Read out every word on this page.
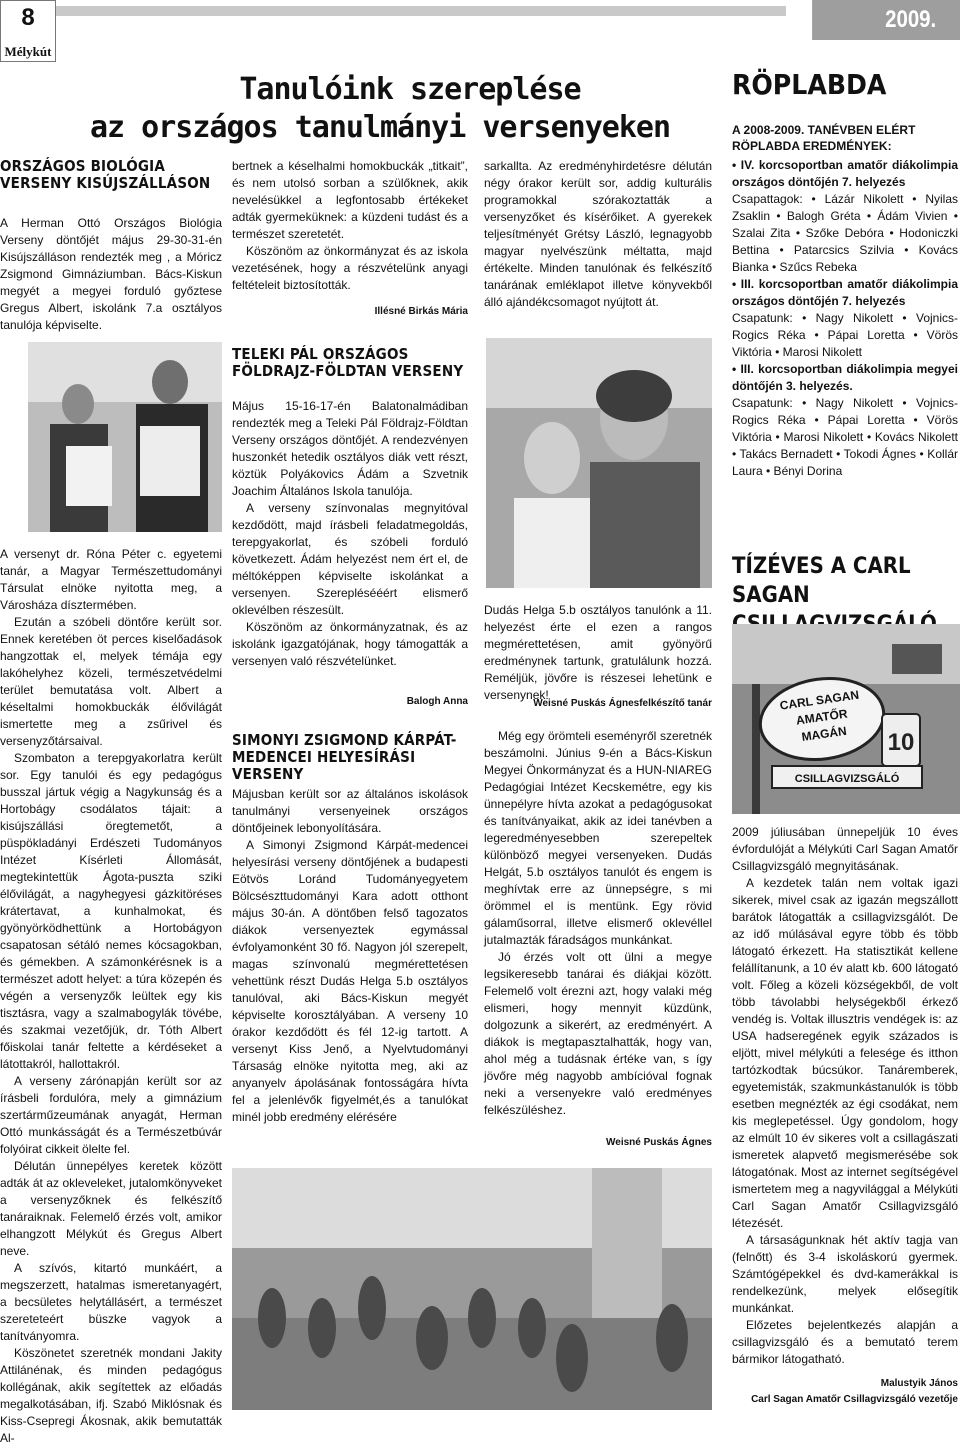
8
Mélykút
2009. augusztus
Tanulóink szereplése
az országos tanulmányi versenyeken
ORSZÁGOS BIOLÓGIA VERSENY KISÚJSZÁLLÁSON
A Herman Ottó Országos Biológia Verseny döntőjét május 29-30-31-én Kisújszálláson rendezték meg , a Móricz Zsigmond Gimnáziumban. Bács-Kiskun megyét a megyei forduló győztese Gregus Albert, iskolánk 7.a osztályos tanulója képviselte.

A versenyt dr. Róna Péter c. egyetemi tanár, a Magyar Természettudományi Társulat elnöke nyitotta meg, a Városháza dísztermében.

Ezután a szóbeli döntőre került sor. Ennek keretében öt perces kiselőadások hangzottak el, melyek témája egy lakóhelyhez közeli, természetvédelmi terület bemutatása volt. Albert a késeltalmi homokbuckák élővilágát ismertette meg a zsűrivel és versenyzőtársaival.

Szombaton a terepgyakorlatra került sor. Egy tanulói és egy pedagógus busszal jártuk végig a Nagykunság és a Hortobágy csodálatos tájait: a kisújszállási öregtemetőt, a püspökladányi Erdészeti Tudományos Intézet Kísérleti Állomását, megtekintettük Ágota-puszta sziki élővilágát, a nagyhegyesi gázkitöréses krátertavat, a kunhalmokat, és gyönyörködhettünk a Hortobágyon csapatosan sétáló nemes kócsagokban, és gémekben. A számonkérésnek is a természet adott helyet: a túra közepén és végén a versenyzők leültek egy kis tisztásra, vagy a szalmabogylák tövébe, és szakmai vezetőjük, dr. Tóth Albert főiskolai tanár feltette a kérdéseket a látottakról, hallottakról.

A verseny zárónapján került sor az írásbeli fordulóra, mely a gimnázium szertárműzeumának anyagát, Herman Ottó munkásságát és a Természetbúvár folyóirat cikkeit ölelte fel.

Délután ünnepélyes keretek között adták át az okleveleket, jutalomkönyveket a versenyzőknek és felkészítő tanáraiknak. Felemelő érzés volt, amikor elhangzott Mélykút és Gregus Albert neve.

A szívós, kitartó munkáért, a megszerzett, hatalmas ismeretanyagért, a becsületes helytállásért, a természet szereteteért büszke vagyok a tanítványomra.

Köszönetet szeretnék mondani Jakity Attilánénak, és minden pedagógus kollégának, akik segítettek az előadás megalkotásában, ifj. Szabó Miklósnak és Kiss-Csepregi Ákosnak, akik bemutatták Al-

bertnek a késelhalmi homokbuckák „titkait”, és nem utolsó sorban a szülőknek, akik nevelésükkel a legfontosabb értékeket adták gyermeküknek: a küzdeni tudást és a természet szeretetét.

Köszönöm az önkormányzat és az iskola vezetésének, hogy a részvételünk anyagi feltételeit biztosították.

Illésné Birkás Mária
TELEKI PÁL ORSZÁGOS FÖLDRAJZ-FÖLDTAN VERSENY

Május 15-16-17-én Balatonalmádiban rendezték meg a Teleki Pál Földrajz-Földtan Verseny országos döntőjét. A rendezvényen huszonkét hetedik osztályos diák vett részt, köztük Polyákovics Ádám a Szvetnik Joachim Általános Iskola tanulója.

A verseny színvonalas megnyitóval kezdődött, majd írásbeli feladatmegoldás, terepgyakorlat, és szóbeli forduló következett. Ádám helyezést nem ért el, de méltóképpen képviselte iskolánkat a versenyen. Szereplésééért elismerő oklevélben részesült.

Köszönöm az önkormányzatnak, és az iskolánk igazgatójának, hogy támogatták a versenyen való részvételünket.

Balogh Anna
SIMONYI ZSIGMOND KÁRPÁT-MEDENCEI HELYESÍRÁSI VERSENY

Májusban került sor az általános iskolások tanulmányi versenyeinek országos döntőjeinek lebonyolítására.

A Simonyi Zsigmond Kárpát-medencei helyesírási verseny döntőjének a budapesti Eötvös Loránd Tudományegyetem Bölcsészttudományi Kara adott otthont május 30-án. A döntőben felső tagozatos diákok versenyeztek egymással évfolyamonként 30 fő. Nagyon jól szerepelt, magas színvonalú megmérettetésen vehettünk részt Dudás Helga 5.b osztályos tanulóval, aki Bács-Kiskun megyét képviselte korosztályában. A verseny 10 órakor kezdődött és fél 12-ig tartott. A versenyt Kiss Jenő, a Nyelvtudományi Társaság elnöke nyitotta meg, aki az anyanyelv ápolásának fontosságára hívta fel a jelenlévők figyelmét,és a tanulókat minél jobb eredmény elérésére

sarkallta. Az eredményhirdetésre délután négy órakor került sor, addig kulturális programokkal szórakoztatták a versenyzőket és kísérőiket. A gyerekek teljesítményét Grétsy László, legnagyobb magyar nyelvészünk méltatta, majd értékelte. Minden tanulónak és felkészítő tanárának emléklapot illetve könyvekből álló ajándékcsomagot nyújtott át.

Dudás Helga 5.b osztályos tanulónk a 11. helyezést érte el ezen a rangos megmérettetésen, amit gyönyörű eredménynek tartunk, gratulálunk hozzá. Reméljük, jövőre is részesei lehetünk e versenynek!
Weisné Puskás Ágnesfelkészítő tanár

Még egy örömteli eseményről szeretnék beszámolni. Június 9-én a Bács-Kiskun Megyei Önkormányzat és a HUN-NIAREG Pedagógiai Intézet Kecskemétre, egy kis ünnepélyre hívta azokat a pedagógusokat és tanítványaikat, akik az idei tanévben a legeredményesebben szerepeltek különböző megyei versenyeken. Dudás Helgát, 5.b osztályos tanulót és engem is meghívtak erre az ünnepségre, s mi örömmel el is mentünk. Egy rövid gálaműsorral, illetve elismerő oklevéllel jutalmazták fáradságos munkánkat.

Jó érzés volt ott ülni a megye legsikeresebb tanárai és diákjai között. Felemelő volt érezni azt, hogy valaki még elismeri, hogy mennyit küzdünk, dolgozunk a sikerért, az eredményért. A diákok is megtapasztalhatták, hogy van, ahol még a tudásnak értéke van, s így jövőre még nagyobb ambícióval fognak neki a versenyekre való eredményes felkészüléshez.

Weisné Puskás Ágnes
RÖPLABDA
A 2008-2009. TANÉVBEN ELÉRT RÖPLABDA EREDMÉNYEK:
• IV. korcsoportban amatőr diákolimpia országos döntőjén 7. helyezés
Csapattagok: • Lázár Nikolett • Nyilas Zsaklin • Balogh Gréta • Ádám Vivien • Szalai Zita • Szőke Debóra • Hodoniczki Bettina • Patarcsics Szilvia • Kovács Bianka • Szűcs Rebeka
• III. korcsoportban amatőr diákolimpia országos döntőjén 7. helyezés
Csapatunk: • Nagy Nikolett • Vojnics-Rogics Réka • Pápai Loretta • Vörös Viktória • Marosi Nikolett
• III. korcsoportban diákolimpia megyei döntőjén 3. helyezés.
Csapatunk: • Nagy Nikolett • Vojnics-Rogics Réka • Pápai Loretta • Vörös Viktória • Marosi Nikolett • Kovács Nikolett • Takács Bernadett • Tokodi Ágnes • Kollár Laura • Bényi Dorina
TÍZÉVES A CARL SAGAN
CARL SAGAN
AMATŐR
MAGÁN 10
CSILLAGVIZSGÁLÓ

2009 júliusában ünnepeljük 10 éves évfordulóját a Mélykúti Carl Sagan Amatőr Csillagvizsgáló megnyitásának.

A kezdetek talán nem voltak igazi sikerek, mivel csak az igazán megszállott barátok látogatták a csillagvizsgálót. De az idő múlásával egyre több és több látogató érkezett. Ha statisztikát kellene felállítanunk, a 10 év alatt kb. 600 látogató volt. Főleg a közeli községekből, de volt több távolabbi helységekből érkező vendég is. Voltak illusztris vendégek is: az USA hadseregének egyik százados is eljött, mivel mélykúti a felesége és itthon tartózkodtak búcsúkor. Tanáremberek, egyetemisták, szakmunkástanulók is több esetben megnézték az égi csodákat, nem kis meglepetéssel. Úgy gondolom, hogy az elmúlt 10 év sikeres volt a csillagászati ismeretek alapvető megismerésébe sok látogatónak. Most az internet segítségével ismertetem meg a nagyvilággal a Mélykúti Carl Sagan Amatőr Csillagvizsgáló létezését.

A társaságunknak hét aktív tagja van (felnőtt) és 3-4 iskoláskorú gyermek. Számtógépekkel és dvd-kamerákkal is rendelkezünk, melyek elősegítik munkánkat.

Előzetes bejelentkezés alapján a csillagvizsgáló és a bemutató terem bármikor látogatható.

Malustyik János
Carl Sagan Amatőr Csillagvizsgáló vezetője
